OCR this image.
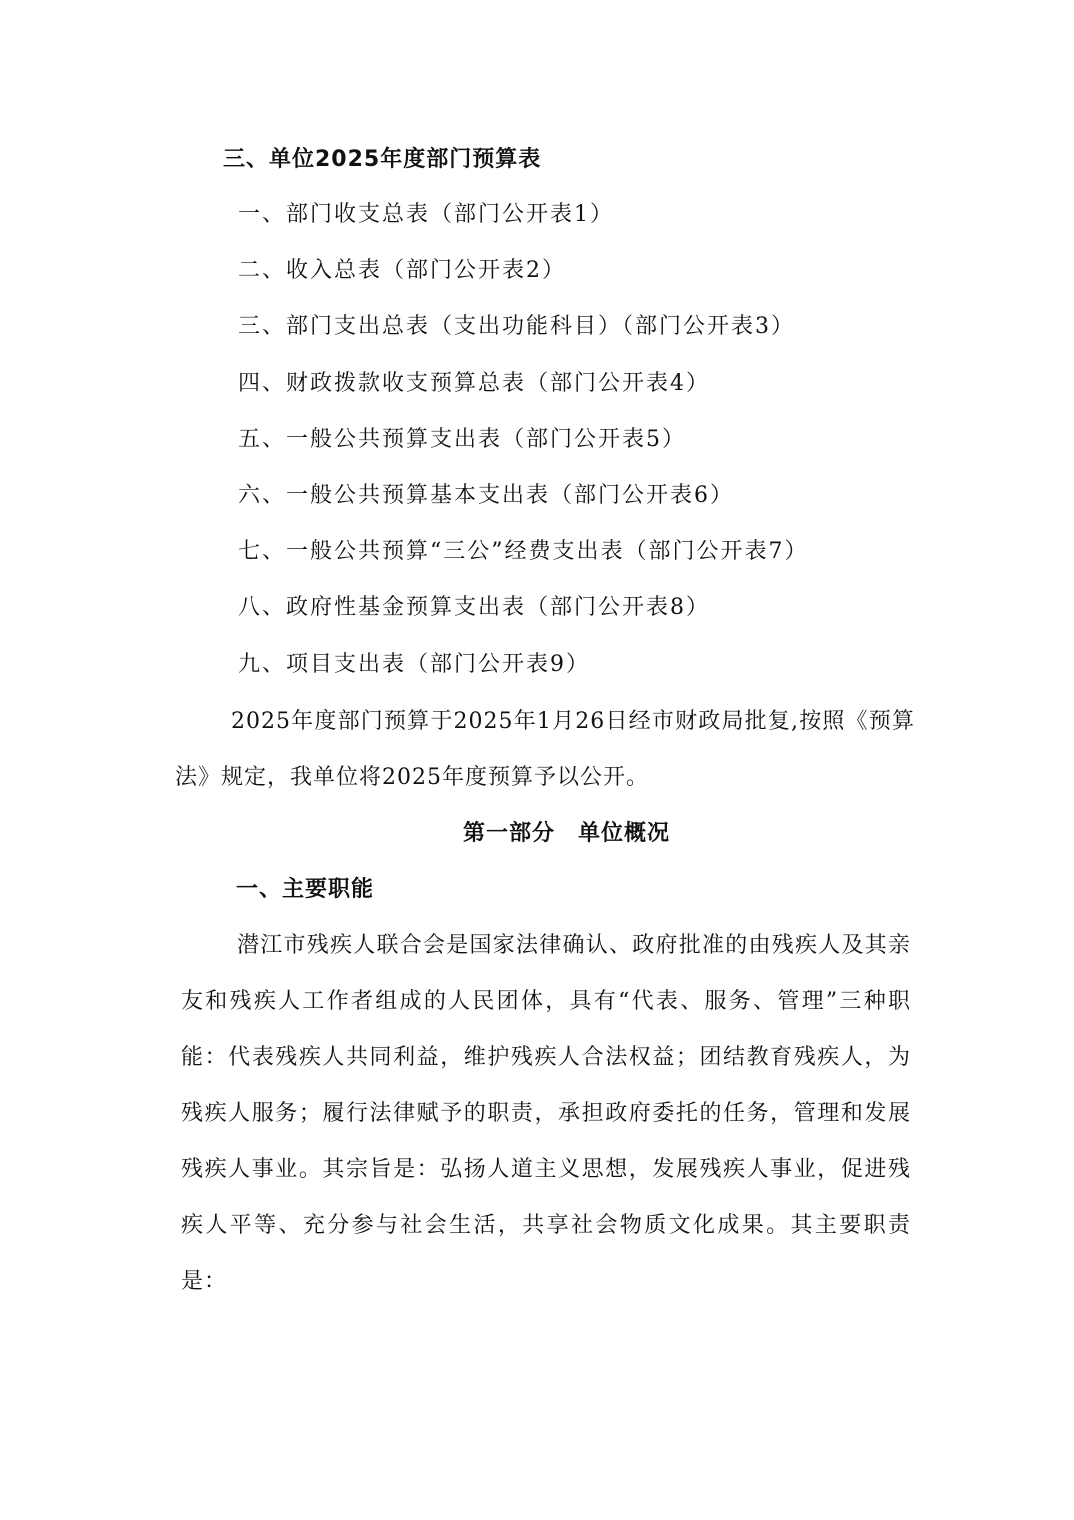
三、单位2025年度部门预算表
一、部门收支总表（部门公开表1）
二、收入总表（部门公开表2）
三、部门支出总表（支出功能科目）（部门公开表3）
四、财政拨款收支预算总表（部门公开表4）
五、一般公共预算支出表（部门公开表5）
六、一般公共预算基本支出表（部门公开表6）
七、一般公共预算“三公”经费支出表（部门公开表7）
八、政府性基金预算支出表（部门公开表8）
九、项目支出表（部门公开表9）
2025年度部门预算于2025年1月26日经市财政局批复,按照《预算法》规定，我单位将2025年度预算予以公开。
第一部分　单位概况
一、主要职能
潜江市残疾人联合会是国家法律确认、政府批准的由残疾人及其亲友和残疾人工作者组成的人民团体，具有“代表、服务、管理”三种职能：代表残疾人共同利益，维护残疾人合法权益；团结教育残疾人，为残疾人服务；履行法律赋予的职责，承担政府委托的任务，管理和发展残疾人事业。其宗旨是：弘扬人道主义思想，发展残疾人事业，促进残疾人平等、充分参与社会生活，共享社会物质文化成果。其主要职责是：
